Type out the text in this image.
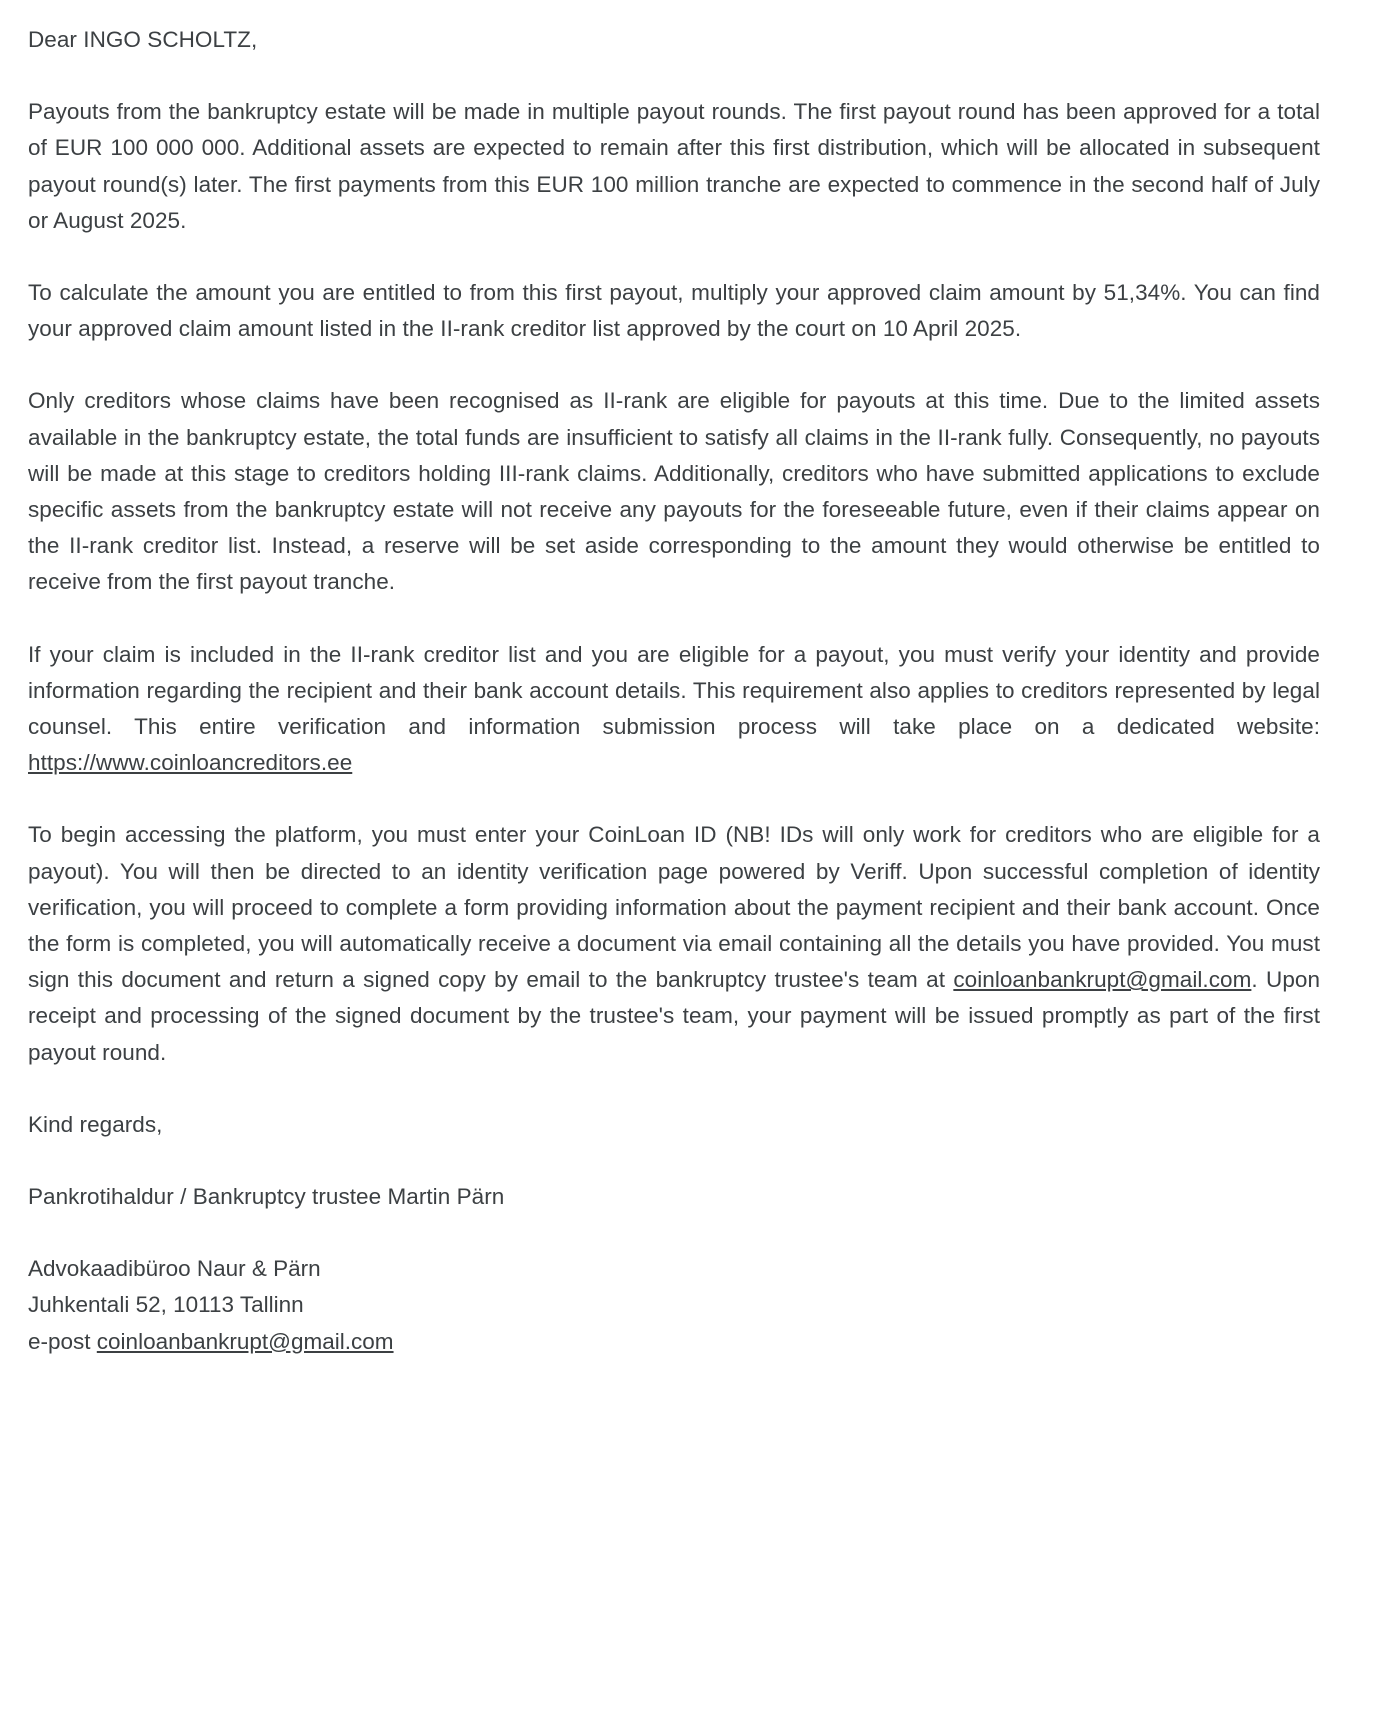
Dear INGO SCHOLTZ,

Payouts from the bankruptcy estate will be made in multiple payout rounds. The first payout round has been approved for a total of EUR 100 000 000. Additional assets are expected to remain after this first distribution, which will be allocated in subsequent payout round(s) later. The first payments from this EUR 100 million tranche are expected to commence in the second half of July or August 2025.

To calculate the amount you are entitled to from this first payout, multiply your approved claim amount by 51,34%. You can find your approved claim amount listed in the II-rank creditor list approved by the court on 10 April 2025.

Only creditors whose claims have been recognised as II-rank are eligible for payouts at this time. Due to the limited assets available in the bankruptcy estate, the total funds are insufficient to satisfy all claims in the II-rank fully. Consequently, no payouts will be made at this stage to creditors holding III-rank claims. Additionally, creditors who have submitted applications to exclude specific assets from the bankruptcy estate will not receive any payouts for the foreseeable future, even if their claims appear on the II-rank creditor list. Instead, a reserve will be set aside corresponding to the amount they would otherwise be entitled to receive from the first payout tranche.

If your claim is included in the II-rank creditor list and you are eligible for a payout, you must verify your identity and provide information regarding the recipient and their bank account details. This requirement also applies to creditors represented by legal counsel. This entire verification and information submission process will take place on a dedicated website: https://www.coinloancreditors.ee

To begin accessing the platform, you must enter your CoinLoan ID (NB! IDs will only work for creditors who are eligible for a payout). You will then be directed to an identity verification page powered by Veriff. Upon successful completion of identity verification, you will proceed to complete a form providing information about the payment recipient and their bank account. Once the form is completed, you will automatically receive a document via email containing all the details you have provided. You must sign this document and return a signed copy by email to the bankruptcy trustee's team at coinloanbankrupt@gmail.com. Upon receipt and processing of the signed document by the trustee's team, your payment will be issued promptly as part of the first payout round.

Kind regards,

Pankrotihaldur / Bankruptcy trustee Martin Pärn

Advokaadibüroo Naur & Pärn
Juhkentali 52, 10113 Tallinn
e-post coinloanbankrupt@gmail.com
